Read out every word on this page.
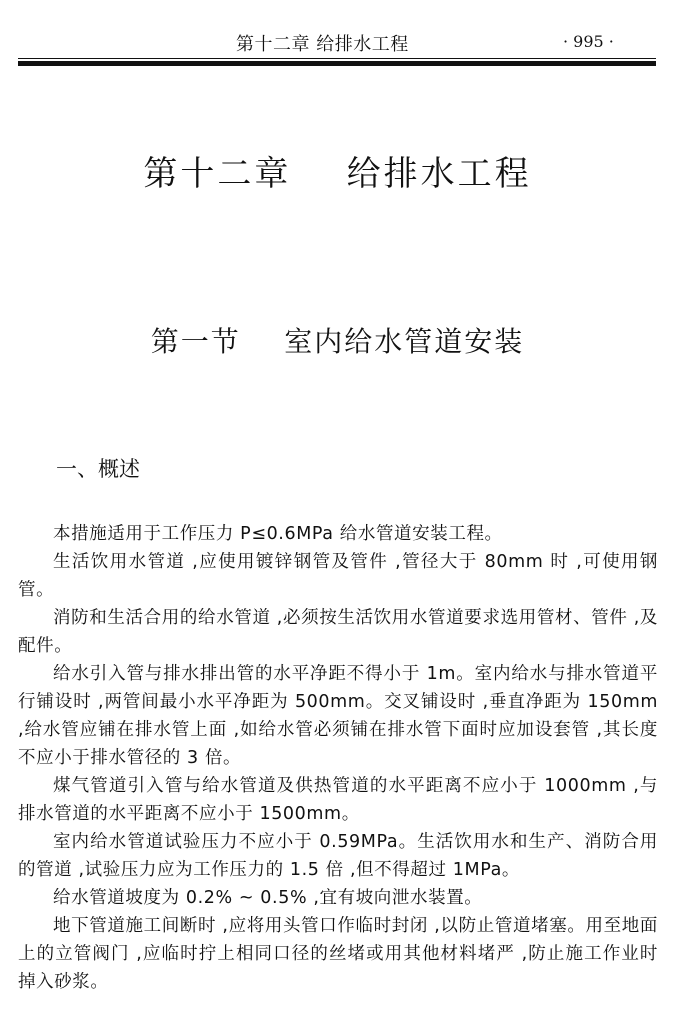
第十二章 给排水工程	· 995 ·
第十二章    给排水工程
第一节    室内给水管道安装
一、概述

本措施适用于工作压力 P≤0.6MPa 给水管道安装工程。

生活饮用水管道 ,应使用镀锌钢管及管件 ,管径大于 80mm 时 ,可使用钢管。

消防和生活合用的给水管道 ,必须按生活饮用水管道要求选用管材、管件 ,及配件。

给水引入管与排水排出管的水平净距不得小于 1m。室内给水与排水管道平行铺设时 ,两管间最小水平净距为 500mm。交叉铺设时 ,垂直净距为 150mm ,给水管应铺在排水管上面 ,如给水管必须铺在排水管下面时应加设套管 ,其长度不应小于排水管径的 3 倍。

煤气管道引入管与给水管道及供热管道的水平距离不应小于 1000mm ,与排水管道的水平距离不应小于 1500mm。

室内给水管道试验压力不应小于 0.59MPa。生活饮用水和生产、消防合用的管道 ,试验压力应为工作压力的 1.5 倍 ,但不得超过 1MPa。

给水管道坡度为 0.2% ~ 0.5% ,宜有坡向泄水装置。

地下管道施工间断时 ,应将用头管口作临时封闭 ,以防止管道堵塞。用至地面上的立管阀门 ,应临时拧上相同口径的丝堵或用其他材料堵严 ,防止施工作业时掉入砂浆。
